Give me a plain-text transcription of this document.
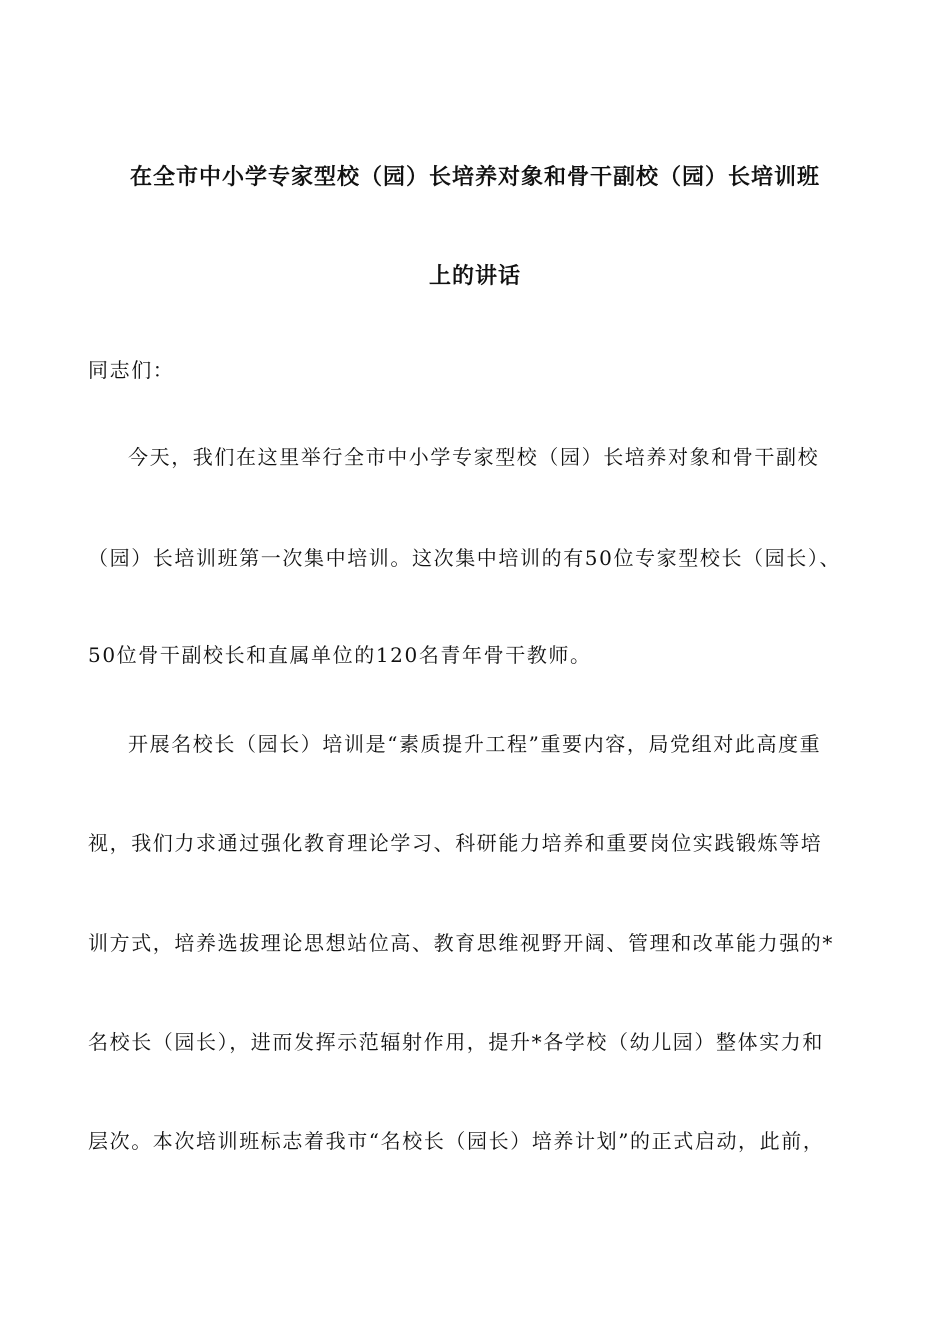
在全市中小学专家型校（园）长培养对象和骨干副校（园）长培训班
上的讲话
同志们：
今天，我们在这里举行全市中小学专家型校（园）长培养对象和骨干副校
（园）长培训班第一次集中培训。这次集中培训的有50位专家型校长（园长）、
50位骨干副校长和直属单位的120名青年骨干教师。
开展名校长（园长）培训是“素质提升工程”重要内容，局党组对此高度重
视，我们力求通过强化教育理论学习、科研能力培养和重要岗位实践锻炼等培
训方式，培养选拔理论思想站位高、教育思维视野开阔、管理和改革能力强的*
名校长（园长），进而发挥示范辐射作用，提升*各学校（幼儿园）整体实力和
层次。本次培训班标志着我市“名校长（园长）培养计划”的正式启动，此前，
